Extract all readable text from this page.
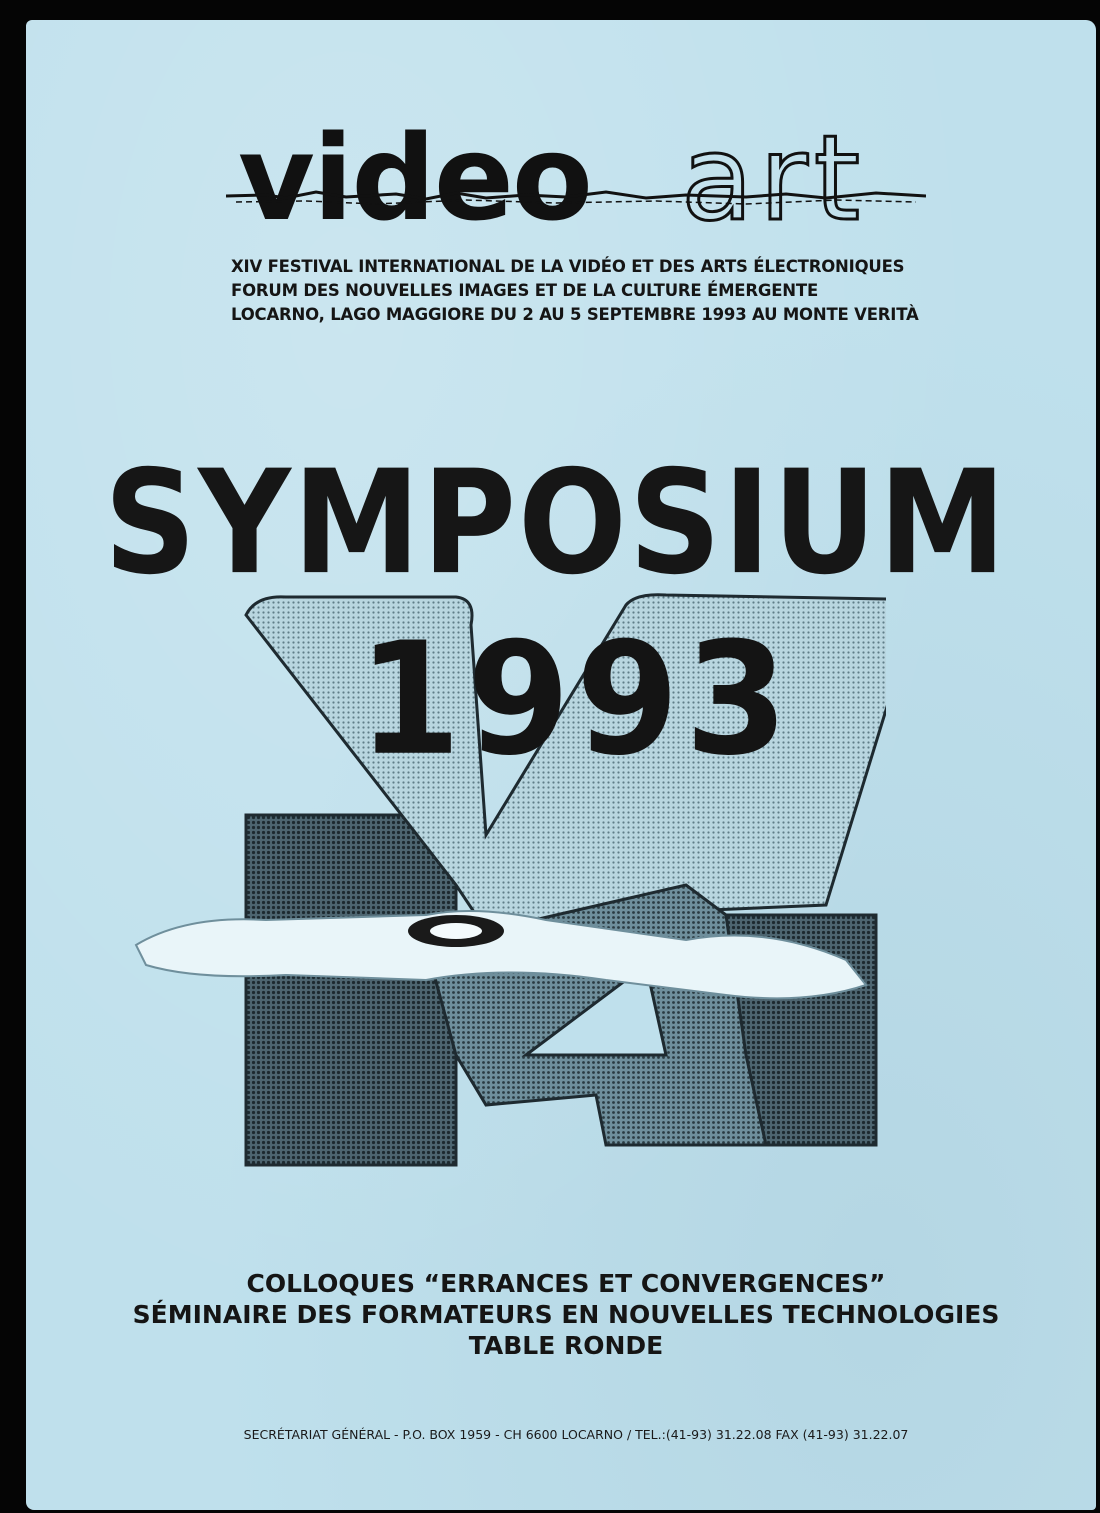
video art
XIV FESTIVAL INTERNATIONAL DE LA VIDÉO ET DES ARTS ÉLECTRONIQUES
FORUM DES NOUVELLES IMAGES ET DE LA CULTURE ÉMERGENTE
LOCARNO, LAGO MAGGIORE DU 2 AU 5 SEPTEMBRE 1993 AU MONTE VERITÀ
SYMPOSIUM
1993
COLLOQUES “ERRANCES ET CONVERGENCES”
SÉMINAIRE DES FORMATEURS EN NOUVELLES TECHNOLOGIES
TABLE RONDE
SECRÉTARIAT GÉNÉRAL - P.O. BOX 1959 - CH 6600 LOCARNO / TEL.:(41-93) 31.22.08 FAX (41-93) 31.22.07
